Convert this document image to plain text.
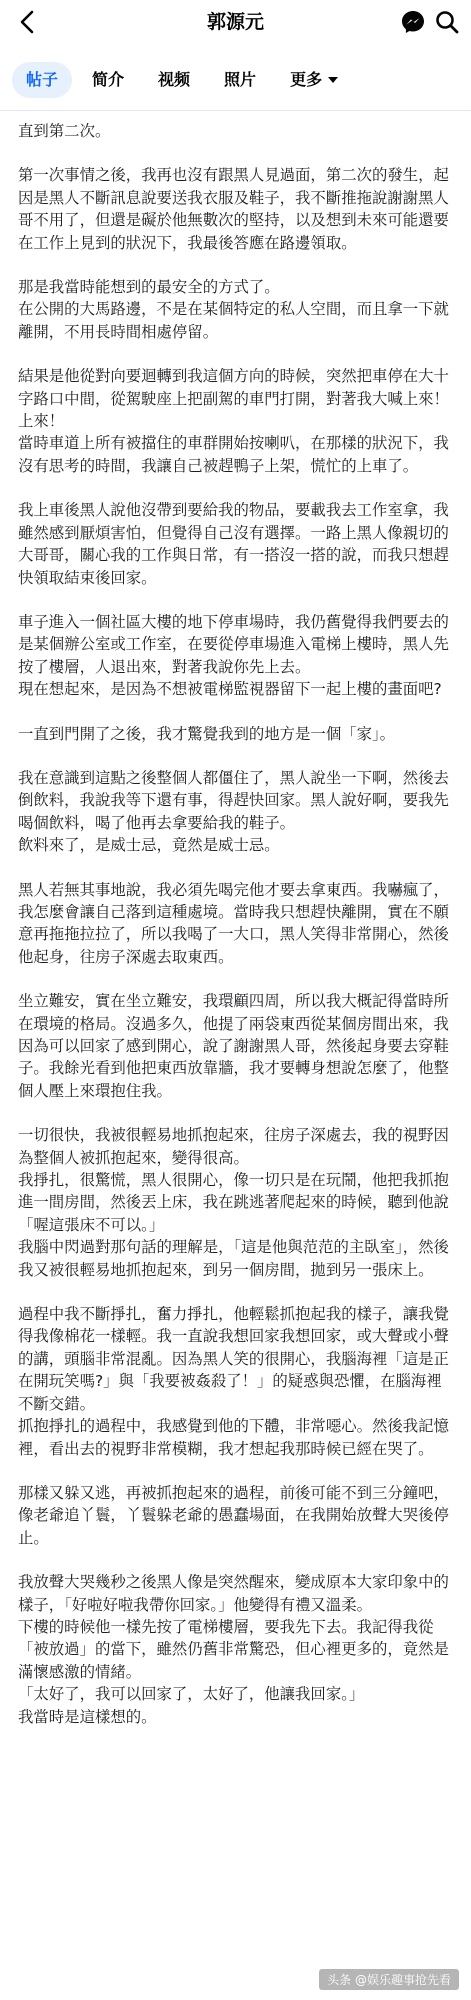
郭源元
帖子 简介 视频 照片 更多
直到第二次。
第一次事情之後，我再也沒有跟黑人見過面，第二次的發生，起因是黑人不斷訊息說要送我衣服及鞋子，我不斷推拖說謝謝黑人哥不用了，但還是礙於他無數次的堅持，以及想到未來可能還要在工作上見到的狀況下，我最後答應在路邊領取。
那是我當時能想到的最安全的方式了。
在公開的大馬路邊，不是在某個特定的私人空間，而且拿一下就離開，不用長時間相處停留。
結果是他從對向要迴轉到我這個方向的時候，突然把車停在大十字路口中間，從駕駛座上把副駕的車門打開，對著我大喊上來！上來！
當時車道上所有被擋住的車群開始按喇叭，在那樣的狀況下，我沒有思考的時間，我讓自己被趕鴨子上架，慌忙的上車了。
我上車後黑人說他沒帶到要給我的物品，要載我去工作室拿，我雖然感到厭煩害怕，但覺得自己沒有選擇。一路上黑人像親切的大哥哥，關心我的工作與日常，有一搭沒一搭的說，而我只想趕快領取結束後回家。
車子進入一個社區大樓的地下停車場時，我仍舊覺得我們要去的是某個辦公室或工作室，在要從停車場進入電梯上樓時，黑人先按了樓層，人退出來，對著我說你先上去。
現在想起來，是因為不想被電梯監視器留下一起上樓的畫面吧?
一直到門開了之後，我才驚覺我到的地方是一個「家」。
我在意識到這點之後整個人都僵住了，黑人說坐一下啊，然後去倒飲料，我說我等下還有事，得趕快回家。黑人說好啊，要我先喝個飲料，喝了他再去拿要給我的鞋子。
飲料來了，是威士忌，竟然是威士忌。
黑人若無其事地說，我必須先喝完他才要去拿東西。我嚇瘋了，我怎麼會讓自己落到這種處境。當時我只想趕快離開，實在不願意再拖拖拉拉了，所以我喝了一大口，黑人笑得非常開心，然後他起身，往房子深處去取東西。
坐立難安，實在坐立難安，我環顧四周，所以我大概記得當時所在環境的格局。沒過多久，他提了兩袋東西從某個房間出來，我因為可以回家了感到開心，說了謝謝黑人哥，然後起身要去穿鞋子。我餘光看到他把東西放靠牆，我才要轉身想說怎麼了，他整個人壓上來環抱住我。
一切很快，我被很輕易地抓抱起來，往房子深處去，我的視野因為整個人被抓抱起來，變得很高。
我掙扎，很驚慌，黑人很開心，像一切只是在玩鬧，他把我抓抱進一間房間，然後丟上床，我在跳逃著爬起來的時候，聽到他說「喔這張床不可以。」
我腦中閃過對那句話的理解是，「這是他與范范的主臥室」，然後我又被很輕易地抓抱起來，到另一個房間，拋到另一張床上。
過程中我不斷掙扎，奮力掙扎，他輕鬆抓抱起我的樣子，讓我覺得我像棉花一樣輕。我一直說我想回家我想回家，或大聲或小聲的講，頭腦非常混亂。因為黑人笑的很開心，我腦海裡「這是正在開玩笑嗎?」與「我要被姦殺了！」的疑惑與恐懼，在腦海裡不斷交錯。
抓抱掙扎的過程中，我感覺到他的下體，非常噁心。然後我記憶裡，看出去的視野非常模糊，我才想起我那時候已經在哭了。
那樣又躲又逃，再被抓抱起來的過程，前後可能不到三分鐘吧，像老爺追丫鬟，丫鬟躲老爺的愚蠢場面，在我開始放聲大哭後停止。
我放聲大哭幾秒之後黑人像是突然醒來，變成原本大家印象中的樣子，「好啦好啦我帶你回家。」他變得有禮又溫柔。
下樓的時候他一樣先按了電梯樓層，要我先下去。我記得我從「被放過」的當下，雖然仍舊非常驚恐，但心裡更多的，竟然是滿懷感激的情緒。
「太好了，我可以回家了，太好了，他讓我回家。」
我當時是這樣想的。
头条 @娱乐趣事抢先看
